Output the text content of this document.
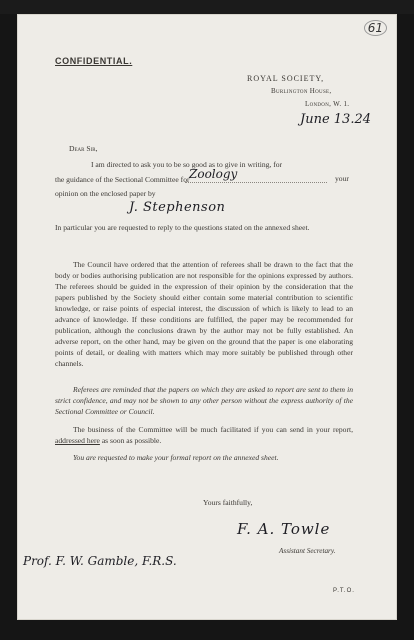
61
CONFIDENTIAL.
ROYAL SOCIETY,
Burlington House,
London, W. 1.
June 13.24
Dear Sir,
I am directed to ask you to be so good as to give in writing, for
the guidance of the Sectional Committee for Zoology	your
opinion on the enclosed paper by
J. Stephenson
In particular you are requested to reply to the questions stated on the annexed sheet.
The Council have ordered that the attention of referees shall be drawn to the fact that the body or bodies authorising publication are not responsible for the opinions expressed by authors. The referees should be guided in the expression of their opinion by the consideration that the papers published by the Society should either contain some material contribution to scientific knowledge, or raise points of especial interest, the discussion of which is likely to lead to an advance of knowledge. If these conditions are fulfilled, the paper may be recommended for publication, although the conclusions drawn by the author may not be fully established. An adverse report, on the other hand, may be given on the ground that the paper is one elaborating points of detail, or dealing with matters which may more suitably be published through other channels.
Referees are reminded that the papers on which they are asked to report are sent to them in strict confidence, and may not be shown to any other person without the express authority of the Sectional Committee or Council.
The business of the Committee will be much facilitated if you can send in your report, addressed here as soon as possible.
You are requested to make your formal report on the annexed sheet.
Yours faithfully,
F. A. Towle
Assistant Secretary.
Prof. F. W. Gamble, F.R.S.
P.T.O.
